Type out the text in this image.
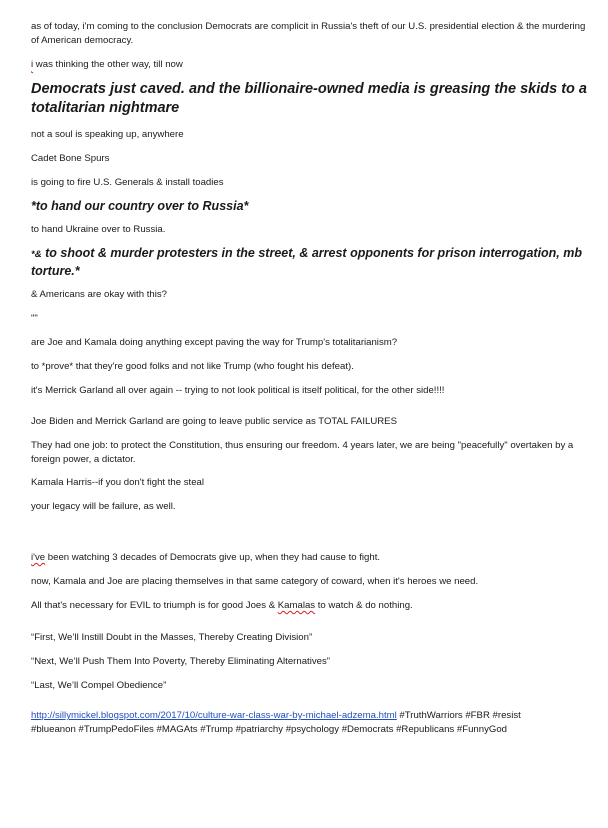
as of today, i'm coming to the conclusion Democrats are complicit in Russia's theft of our U.S. presidential election & the murdering of American democracy.

i was thinking the other way, till now

Democrats just caved. and the billionaire-owned media is greasing the skids to a totalitarian nightmare

not a soul is speaking up, anywhere

Cadet Bone Spurs

is going to fire U.S. Generals & install toadies

*to hand our country over to Russia*

to hand Ukraine over to Russia.

*& to shoot & murder protesters in the street, & arrest opponents for prison interrogation, mb torture.*

& Americans are okay with this?

""

are Joe and Kamala doing anything except paving the way for Trump's totalitarianism?

to *prove* that they're good folks and not like Trump (who fought his defeat).

it's Merrick Garland all over again -- trying to not look political is itself political, for the other side!!!!

Joe Biden and Merrick Garland are going to leave public service as TOTAL FAILURES

They had one job: to protect the Constitution, thus ensuring our freedom. 4 years later, we are being "peacefully" overtaken by a foreign power, a dictator.

Kamala Harris--if you don't fight the steal

your legacy will be failure, as well.

i've been watching 3 decades of Democrats give up, when they had cause to fight.

now, Kamala and Joe are placing themselves in that same category of coward, when it's heroes we need.

All that's necessary for EVIL to triumph is for good Joes & Kamalas to watch & do nothing.

“First, We’ll Instill Doubt in the Masses, Thereby Creating Division”

“Next, We’ll Push Them Into Poverty, Thereby Eliminating Alternatives”

“Last, We’ll Compel Obedience”

http://sillymickel.blogspot.com/2017/10/culture-war-class-war-by-michael-adzema.html #TruthWarriors #FBR #resist
#blueanon #TrumpPedoFiles #MAGAts #Trump #patriarchy #psychology #Democrats #Republicans #FunnyGod
